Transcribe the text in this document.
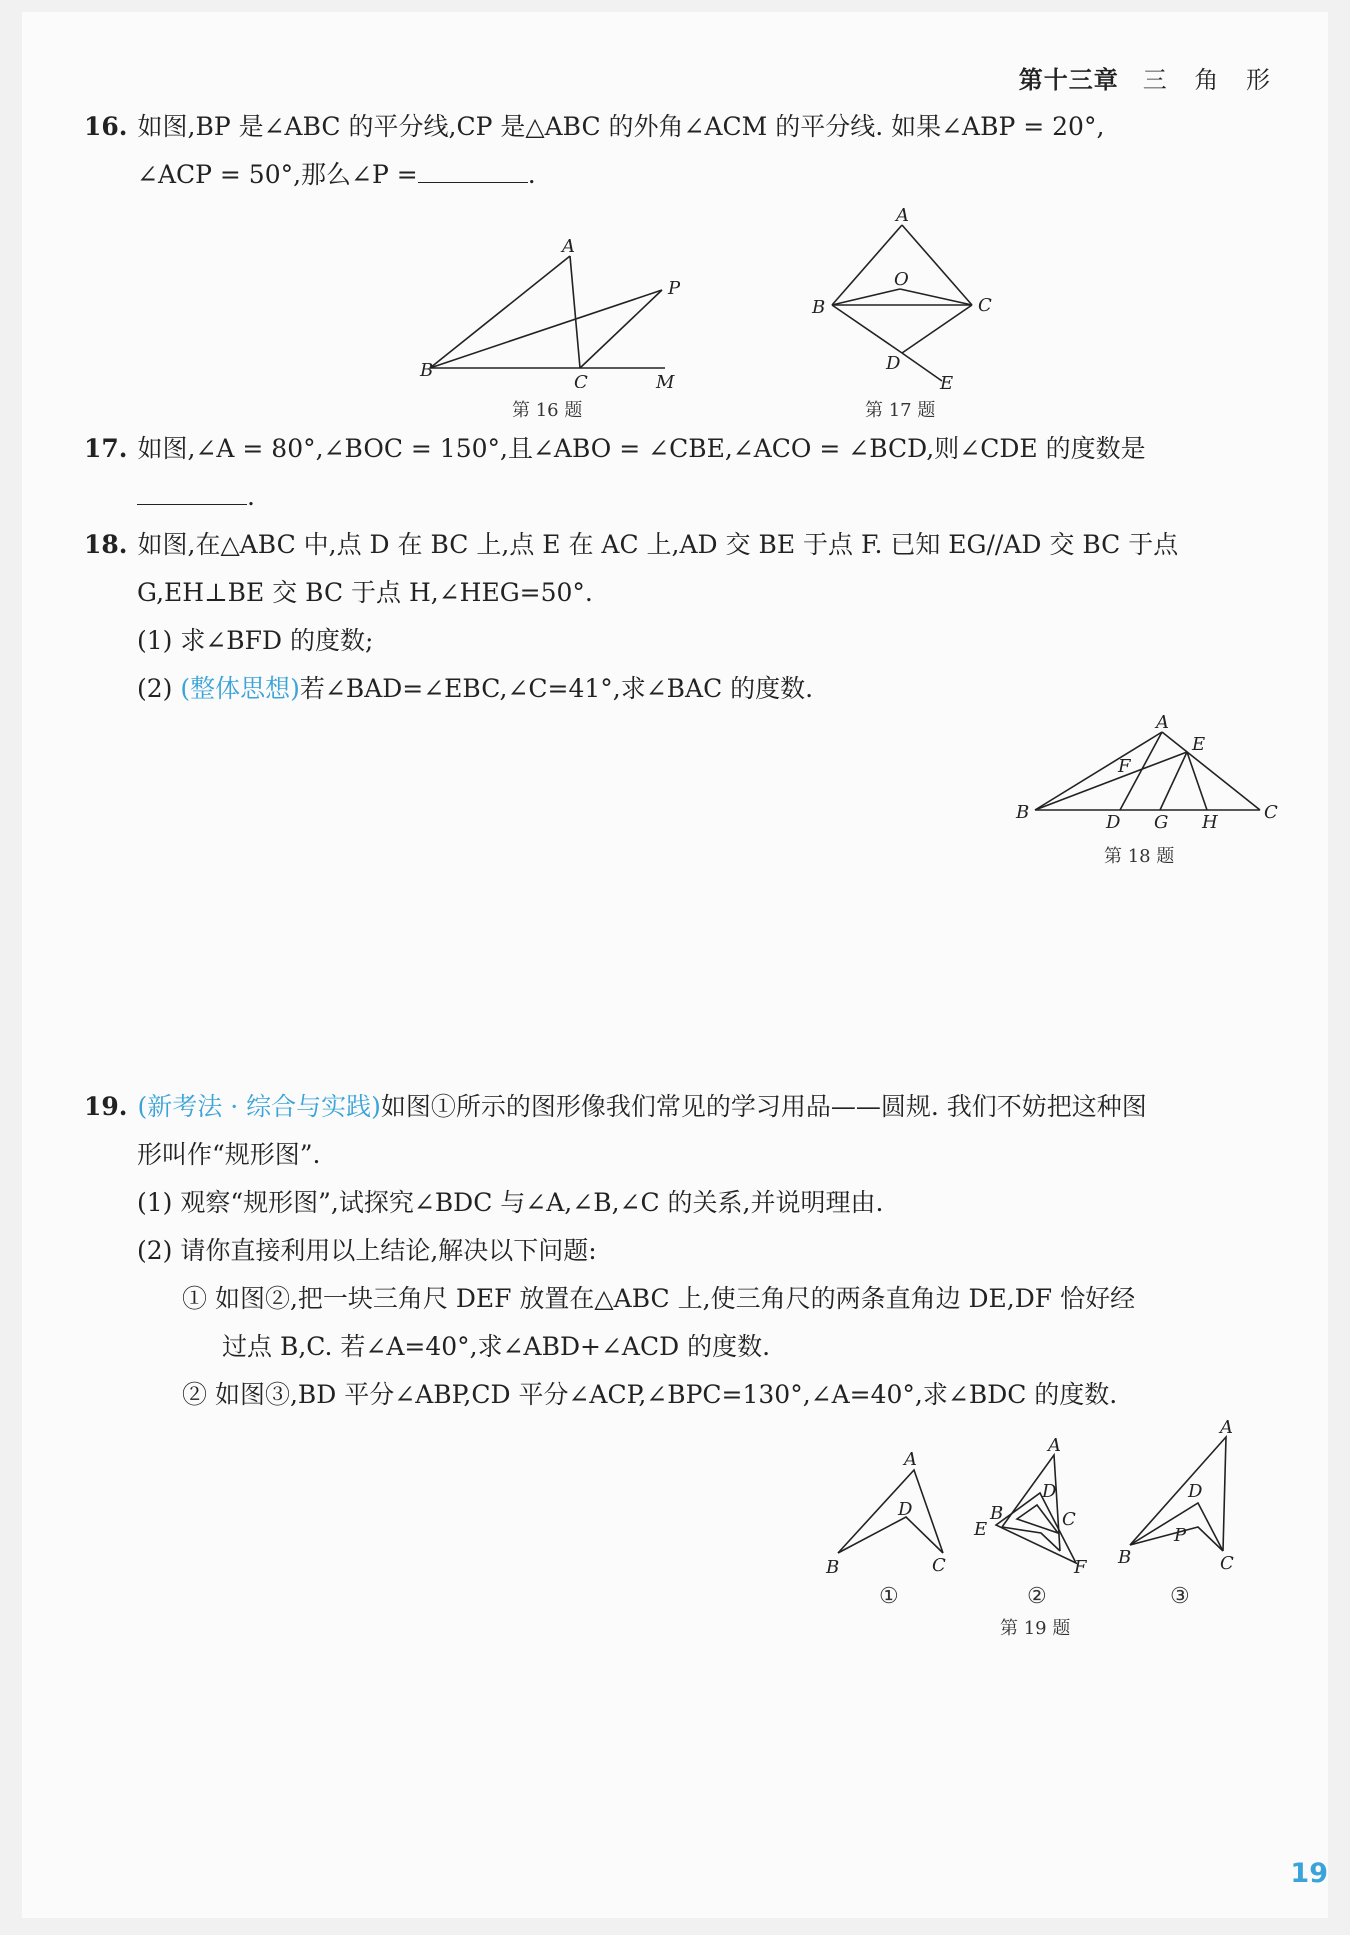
第十三章 三 角 形
16. 如图,BP 是∠ABC 的平分线,CP 是△ABC 的外角∠ACM 的平分线. 如果∠ABP = 20°,
∠ACP = 50°,那么∠P =	.
B
A
C	M
P
第 16 题
A
O
B	C
D
E
第 17 题
17. 如图,∠A = 80°,∠BOC = 150°,且∠ABO = ∠CBE,∠ACO = ∠BCD,则∠CDE 的度数是
.
18. 如图,在△ABC 中,点 D 在 BC 上,点 E 在 AC 上,AD 交 BE 于点 F. 已知 EG//AD 交 BC 于点
G,EH⊥BE 交 BC 于点 H,∠HEG=50°.
(1) 求∠BFD 的度数;
(2) (整体思想)若∠BAD=∠EBC,∠C=41°,求∠BAC 的度数.
A
E
F
B	D G H	C
第 18 题
19. (新考法 · 综合与实践)如图①所示的图形像我们常见的学习用品——圆规. 我们不妨把这种图
形叫作“规形图”.
(1) 观察“规形图”,试探究∠BDC 与∠A,∠B,∠C 的关系,并说明理由.
(2) 请你直接利用以上结论,解决以下问题:
① 如图②,把一块三角尺 DEF 放置在△ABC 上,使三角尺的两条直角边 DE,DF 恰好经
过点 B,C. 若∠A=40°,求∠ABD+∠ACD 的度数.
② 如图③,BD 平分∠ABP,CD 平分∠ACP,∠BPC=130°,∠A=40°,求∠BDC 的度数.
A
D
B	C
A
D
B	C
E
F
A
D
P
B	C
①	②	③
第 19 题
19
